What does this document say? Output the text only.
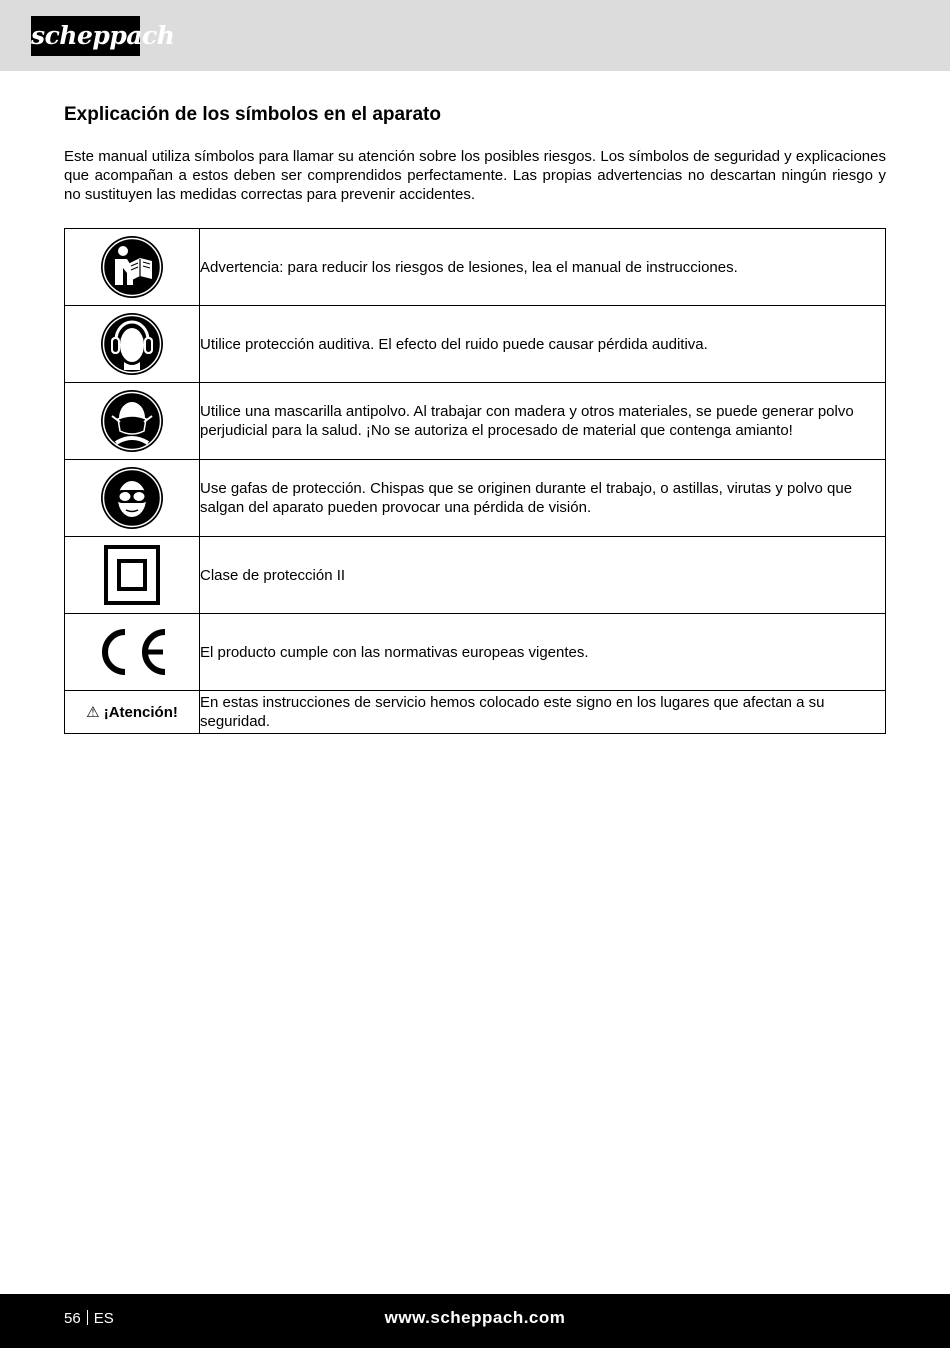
scheppach
Explicación de los símbolos en el aparato

Este manual utiliza símbolos para llamar su atención sobre los posibles riesgos. Los símbolos de seguridad y explicaciones que acompañan a estos deben ser comprendidos perfectamente. Las propias advertencias no descartan ningún riesgo y no sustituyen las medidas correctas para prevenir accidentes.

	Advertencia: para reducir los riesgos de lesiones, lea el manual de instrucciones.

	Utilice protección auditiva. El efecto del ruido puede causar pérdida auditiva.

	Utilice una mascarilla antipolvo. Al trabajar con madera y otros materiales, se puede generar polvo perjudicial para la salud. ¡No se autoriza el procesado de material que contenga amianto!

	Use gafas de protección. Chispas que se originen durante el trabajo, o astillas, virutas y polvo que salgan del aparato pueden provocar una pérdida de visión.

	Clase de protección II

	El producto cumple con las normativas europeas vigentes.
⚠ ¡Atención!	En estas instrucciones de servicio hemos colocado este signo en los lugares que afectan a su seguridad.
56 ES	www.scheppach.com
